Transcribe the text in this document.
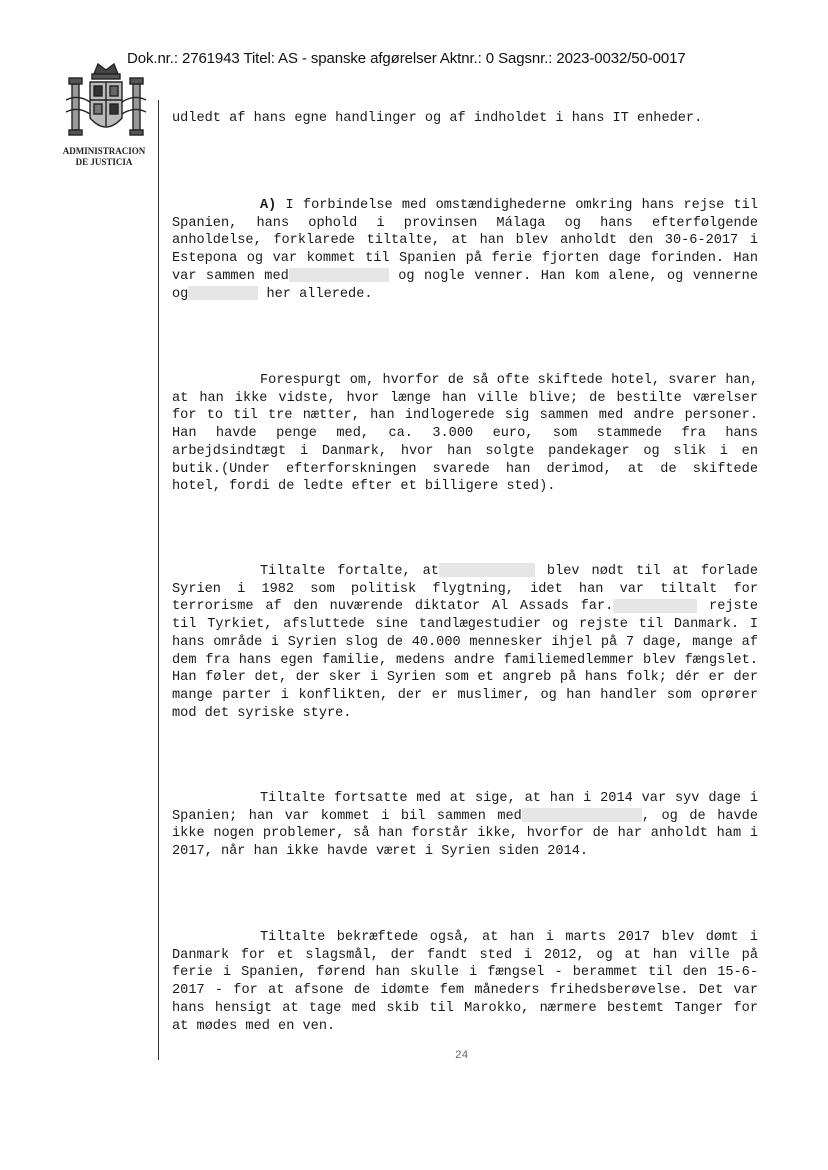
Dok.nr.: 2761943 Titel: AS - spanske afgørelser Aktnr.: 0 Sagsnr.: 2023-0032/50-0017
ADMINISTRACION
DE JUSTICIA

udledt af hans egne handlinger og af indholdet i hans IT enheder.

A) I forbindelse med omstændighederne omkring hans rejse til Spanien, hans ophold i provinsen Málaga og hans efterfølgende anholdelse, forklarede tiltalte, at han blev anholdt den 30-6-2017 i Estepona og var kommet til Spanien på ferie fjorten dage forinden. Han var sammen med	og nogle venner. Han kom alene, og vennerne og	her allerede.

Forespurgt om, hvorfor de så ofte skiftede hotel, svarer han, at han ikke vidste, hvor længe han ville blive; de bestilte værelser for to til tre nætter, han indlogerede sig sammen med andre personer. Han havde penge med, ca. 3.000 euro, som stammede fra hans arbejdsindtægt i Danmark, hvor han solgte pandekager og slik i en butik.(Under efterforskningen svarede han derimod, at de skiftede hotel, fordi de ledte efter et billigere sted).

Tiltalte fortalte, at	blev nødt til at forlade Syrien i 1982 som politisk flygtning, idet han var tiltalt for terrorisme af den nuværende diktator Al Assads far.	rejste til Tyrkiet, afsluttede sine tandlægestudier og rejste til Danmark. I hans område i Syrien slog de 40.000 mennesker ihjel på 7 dage, mange af dem fra hans egen familie, medens andre familiemedlemmer blev fængslet. Han føler det, der sker i Syrien som et angreb på hans folk; dér er der mange parter i konflikten, der er muslimer, og han handler som oprører mod det syriske styre.

Tiltalte fortsatte med at sige, at han i 2014 var syv dage i Spanien; han var kommet i bil sammen med	, og de havde ikke nogen problemer, så han forstår ikke, hvorfor de har anholdt ham i 2017, når han ikke havde været i Syrien siden 2014.

Tiltalte bekræftede også, at han i marts 2017 blev dømt i Danmark for et slagsmål, der fandt sted i 2012, og at han ville på ferie i Spanien, førend han skulle i fængsel - berammet til den 15-6-2017 - for at afsone de idømte fem måneders frihedsberøvelse. Det var hans hensigt at tage med skib til Marokko, nærmere bestemt Tanger for at mødes med en ven.

24
